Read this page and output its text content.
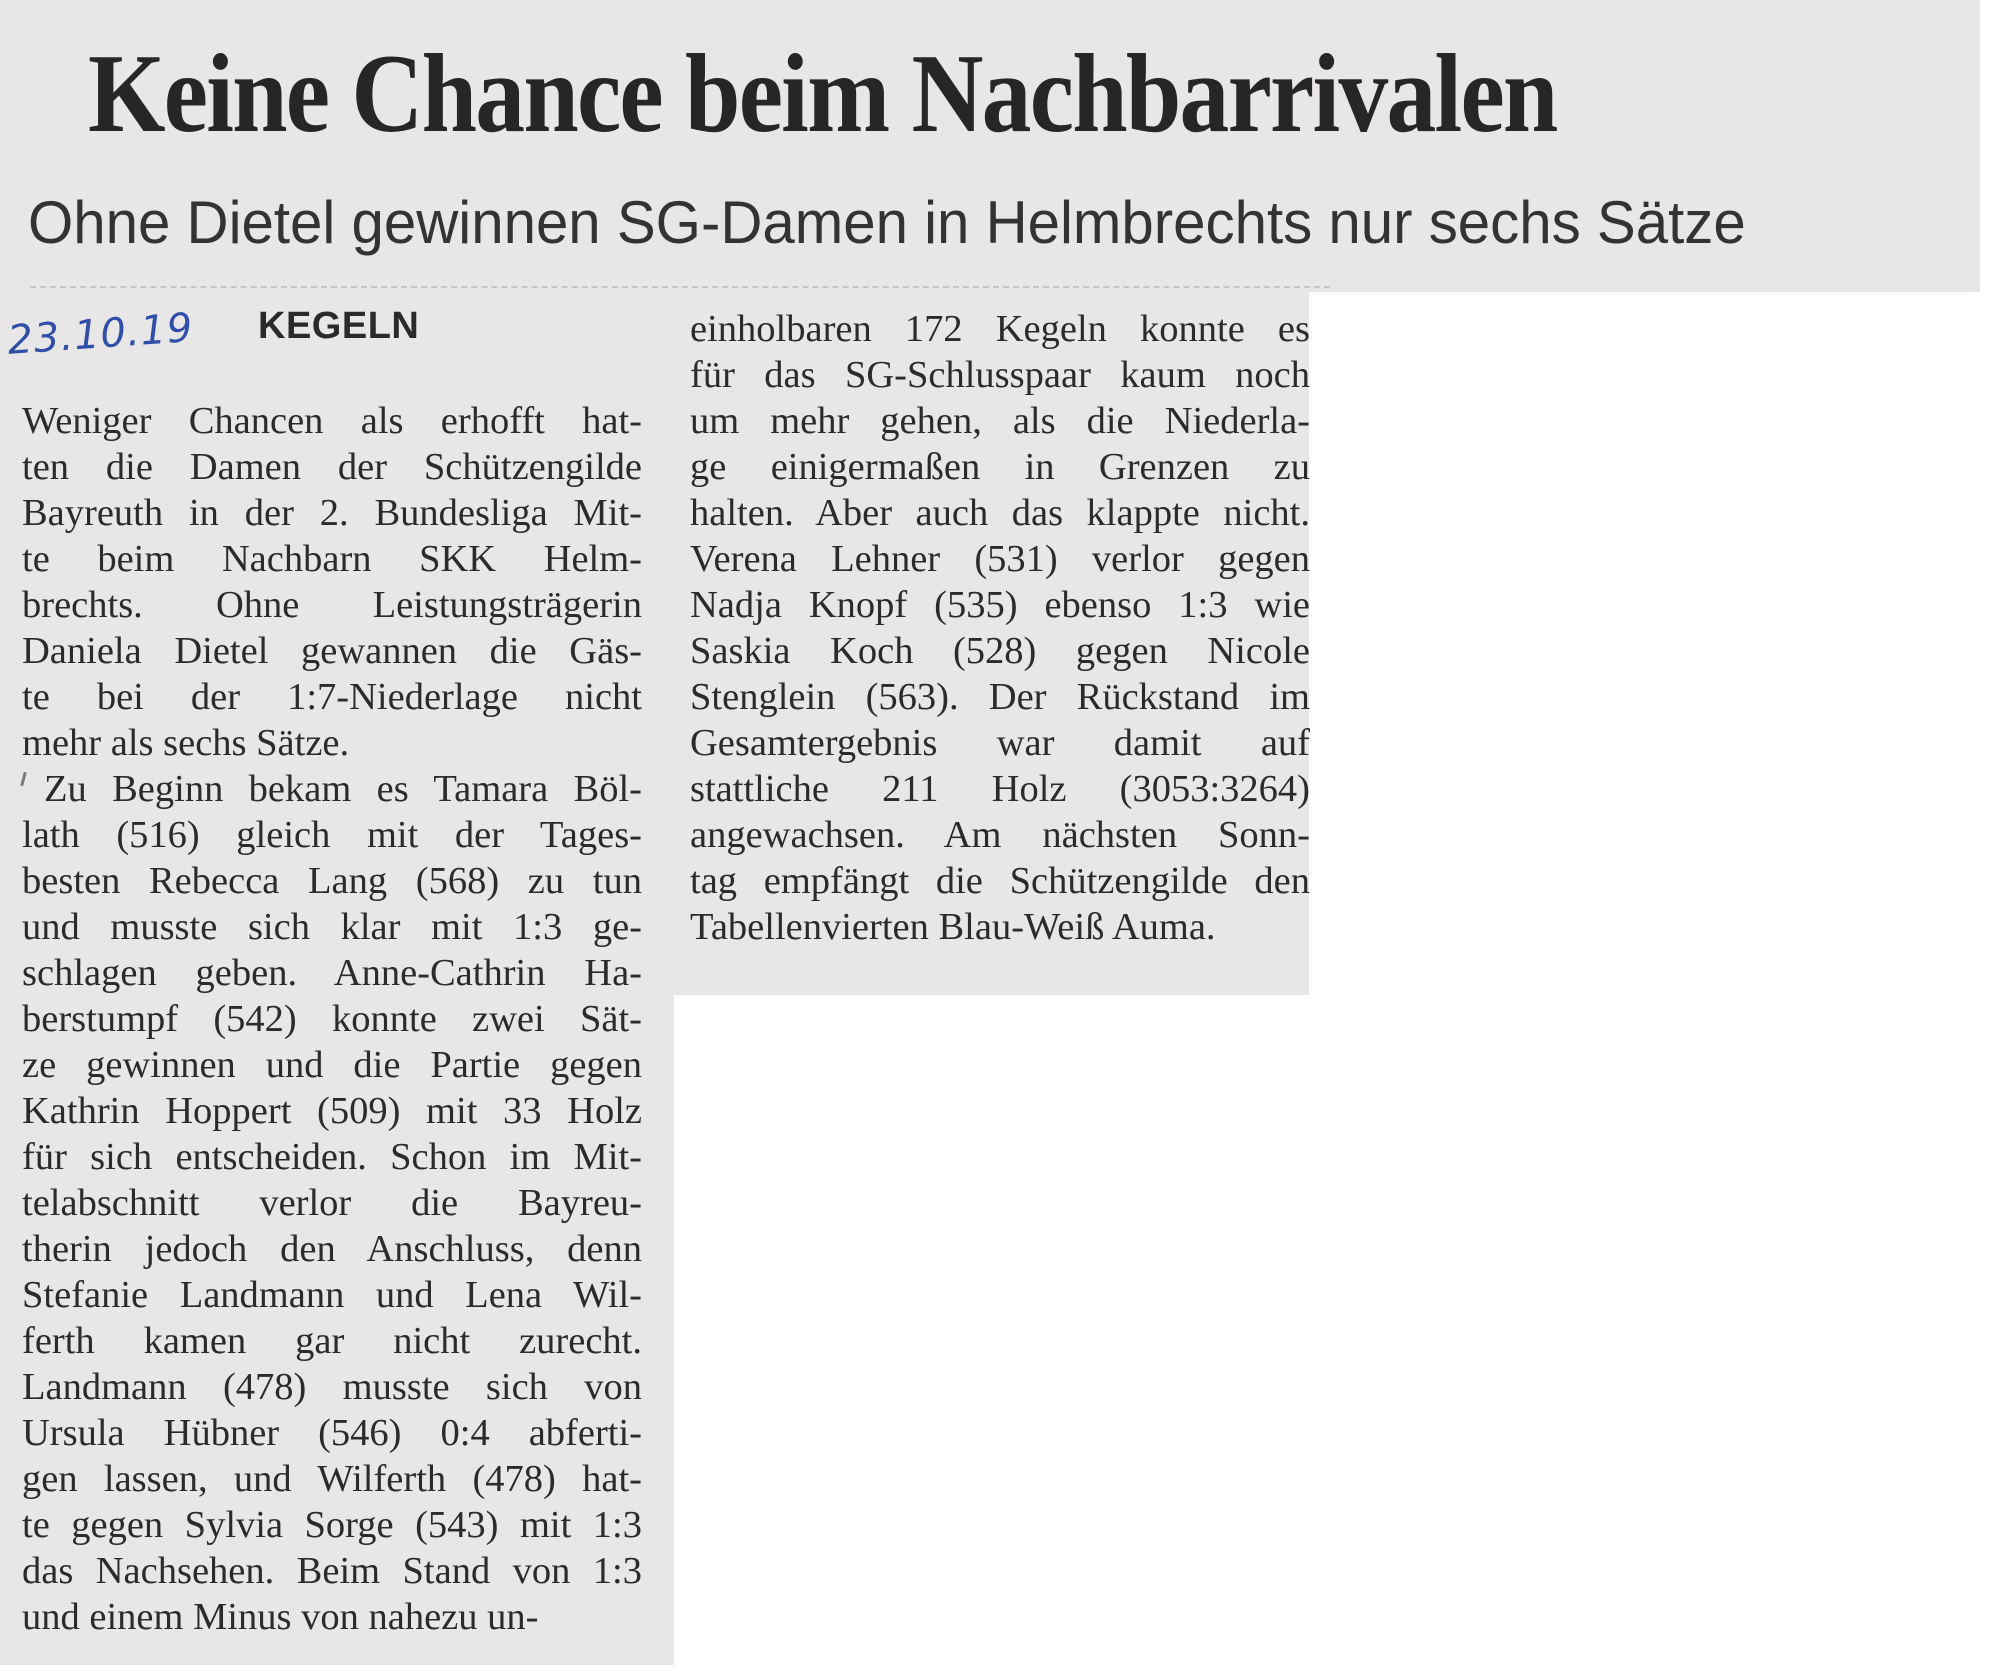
Keine Chance beim Nachbarrivalen
Ohne Dietel gewinnen SG-Damen in Helmbrechts nur sechs Sätze
23.10.19 KEGELN
Weniger Chancen als erhofft hat-
ten die Damen der Schützengilde
Bayreuth in der 2. Bundesliga Mit-
te beim Nachbarn SKK Helm-
brechts. Ohne Leistungsträgerin
Daniela Dietel gewannen die Gäs-
te bei der 1:7-Niederlage nicht
mehr als sechs Sätze.
Zu Beginn bekam es Tamara Böl-
lath (516) gleich mit der Tages-
besten Rebecca Lang (568) zu tun
und musste sich klar mit 1:3 ge-
schlagen geben. Anne-Cathrin Ha-
berstumpf (542) konnte zwei Sät-
ze gewinnen und die Partie gegen
Kathrin Hoppert (509) mit 33 Holz
für sich entscheiden. Schon im Mit-
telabschnitt verlor die Bayreu-
therin jedoch den Anschluss, denn
Stefanie Landmann und Lena Wil-
ferth kamen gar nicht zurecht.
Landmann (478) musste sich von
Ursula Hübner (546) 0:4 abferti-
gen lassen, und Wilferth (478) hat-
te gegen Sylvia Sorge (543) mit 1:3
das Nachsehen. Beim Stand von 1:3
und einem Minus von nahezu un-
einholbaren 172 Kegeln konnte es
für das SG-Schlusspaar kaum noch
um mehr gehen, als die Niederla-
ge einigermaßen in Grenzen zu
halten. Aber auch das klappte nicht.
Verena Lehner (531) verlor gegen
Nadja Knopf (535) ebenso 1:3 wie
Saskia Koch (528) gegen Nicole
Stenglein (563). Der Rückstand im
Gesamtergebnis war damit auf
stattliche 211 Holz (3053:3264)
angewachsen. Am nächsten Sonn-
tag empfängt die Schützengilde den
Tabellenvierten Blau-Weiß Auma.
